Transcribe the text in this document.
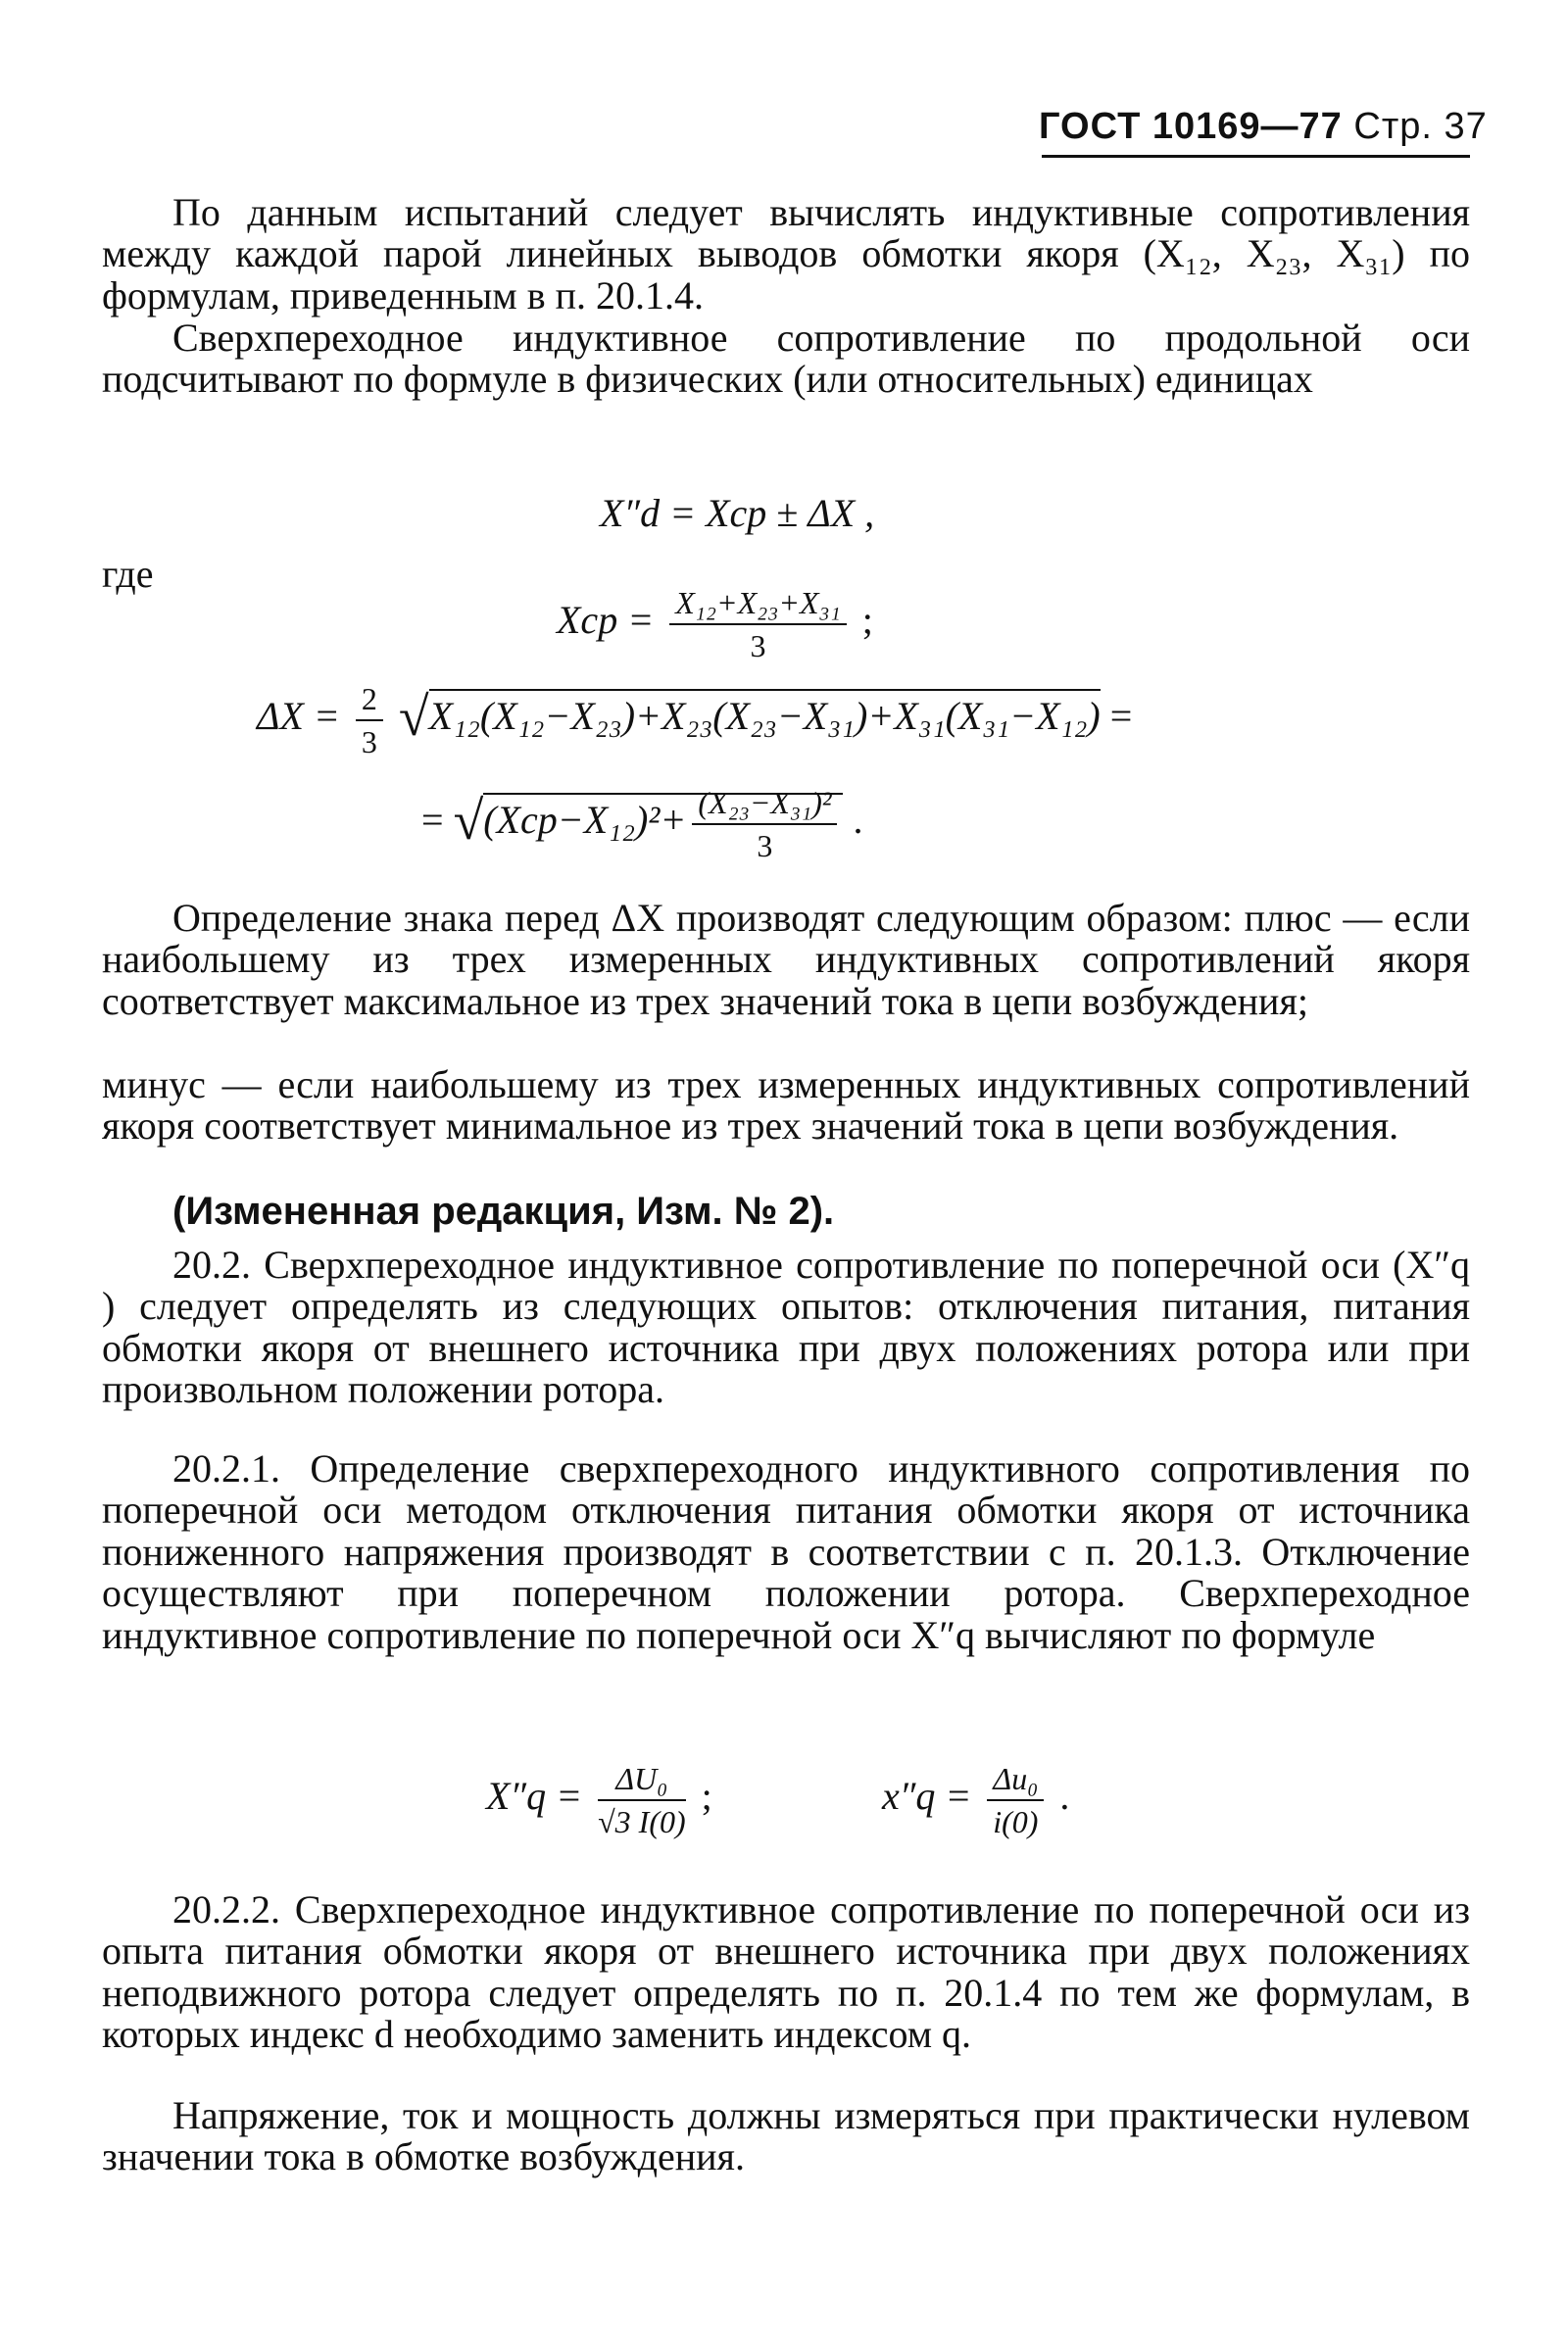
ГОСТ 10169—77 Стр. 37
По данным испытаний следует вычислять индуктивные сопротивления между каждой парой линейных выводов обмотки якоря (X₁₂, X₂₃, X₃₁) по формулам, приведенным в п. 20.1.4.
Сверхпереходное индуктивное сопротивление по продольной оси подсчитывают по формуле в физических (или относительных) единицах
X″d = Xср ± ΔX ,
где
Xср = $\frac{\text{X₁₂+X₂₃+X₃₁}}{3}$ ;
$\Delta X = \frac{2}{3} √X_{12}(X_{12}-X_{23})+X_{23}(X_{23}-X_{31})+X_{31}(X_{31}-X_{12})$ =
= $√(Xср-X_{12})^2+ \frac{\text{(X₂₃−X₃₁)²}}{3}$ .
Определение знака перед ΔX производят следующим образом: плюс — если наибольшему из трех измеренных индуктивных сопротивлений якоря соответствует максимальное из трех значений тока в цепи возбуждения;
минус — если наибольшему из трех измеренных индуктивных сопротивлений якоря соответствует минимальное из трех значений тока в цепи возбуждения.
(Измененная редакция, Изм. № 2).
20.2. Сверхпереходное индуктивное сопротивление по поперечной оси (X″q ) следует определять из следующих опытов: отключения питания, питания обмотки якоря от внешнего источника при двух положениях ротора или при произвольном положении ротора.
20.2.1. Определение сверхпереходного индуктивного сопротивления по поперечной оси методом отключения питания обмотки якоря от источника пониженного напряжения производят в соответствии с п. 20.1.3. Отключение осуществляют при поперечном положении ротора. Сверхпереходное индуктивное сопротивление по поперечной оси X″q вычисляют по формуле
$X''q = \frac{\text{ΔU₀}}{√3 I(0)}$ ;	$x''q = \frac{\text{Δu₀}}{i(0)}$ .
20.2.2. Сверхпереходное индуктивное сопротивление по поперечной оси из опыта питания обмотки якоря от внешнего источника при двух положениях неподвижного ротора следует определять по п. 20.1.4 по тем же формулам, в которых индекс d необходимо заменить индексом q.
Напряжение, ток и мощность должны измеряться при практически нулевом значении тока в обмотке возбуждения.
